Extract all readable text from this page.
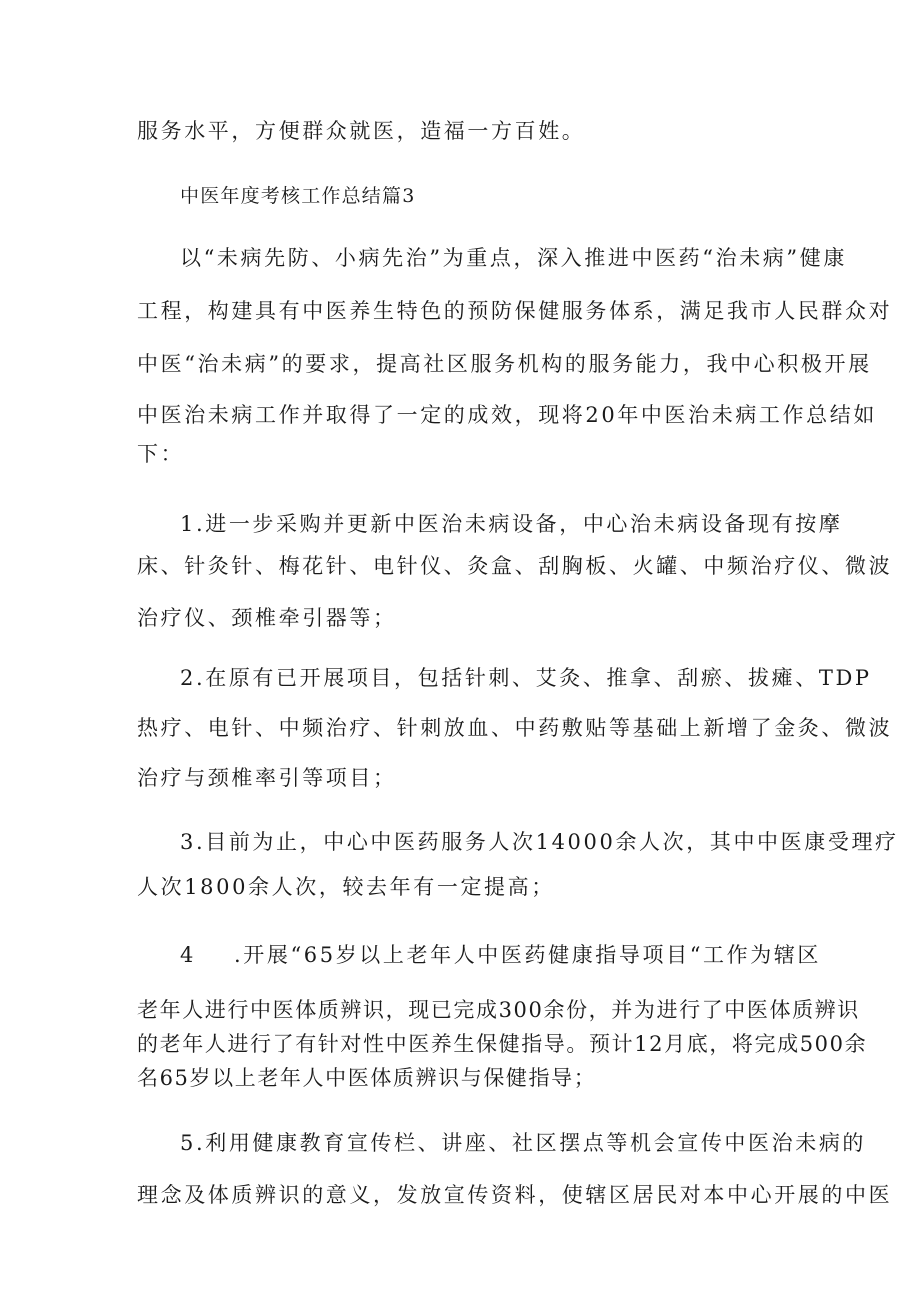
服务水平，方便群众就医，造福一方百姓。
中医年度考核工作总结篇3
以“未病先防、小病先治”为重点，深入推进中医药“治未病”健康
工程，构建具有中医养生特色的预防保健服务体系，满足我市人民群众对
中医“治未病”的要求，提高社区服务机构的服务能力，我中心积极开展
中医治未病工作并取得了一定的成效，现将20年中医治未病工作总结如
下：
1.进一步采购并更新中医治未病设备，中心治未病设备现有按摩
床、针灸针、梅花针、电针仪、灸盒、刮胸板、火罐、中频治疗仪、微波
治疗仪、颈椎牵引器等；
2.在原有已开展项目，包括针刺、艾灸、推拿、刮瘀、拔瘫、TDP
热疗、电针、中频治疗、针刺放血、中药敷贴等基础上新增了金灸、微波
治疗与颈椎率引等项目；
3.目前为止，中心中医药服务人次14000余人次，其中中医康受理疗
人次1800余人次，较去年有一定提高；
4 .开展“65岁以上老年人中医药健康指导项目“工作为辖区
老年人进行中医体质辨识，现已完成300余份，并为进行了中医体质辨识
的老年人进行了有针对性中医养生保健指导。预计12月底，将完成500余
名65岁以上老年人中医体质辨识与保健指导；
5.利用健康教育宣传栏、讲座、社区摆点等机会宣传中医治未病的
理念及体质辨识的意义，发放宣传资料，使辖区居民对本中心开展的中医
